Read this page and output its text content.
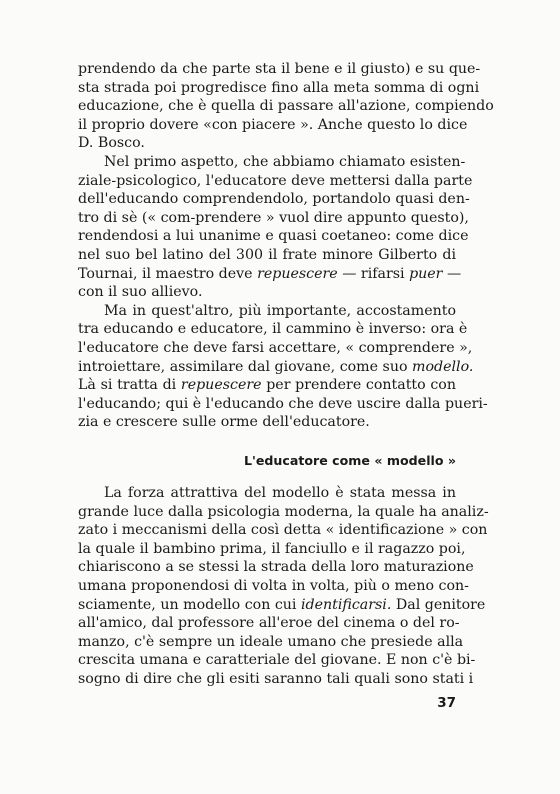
prendendo da che parte sta il bene e il giusto) e su que-
sta strada poi progredisce fino alla meta somma di ogni
educazione, che è quella di passare all'azione, compiendo
il proprio dovere «con piacere ». Anche questo lo dice
D. Bosco.
Nel primo aspetto, che abbiamo chiamato esisten-
ziale-psicologico, l'educatore deve mettersi dalla parte
dell'educando comprendendolo, portandolo quasi den-
tro di sè (« com-prendere » vuol dire appunto questo),
rendendosi a lui unanime e quasi coetaneo: come dice
nel suo bel latino del 300 il frate minore Gilberto di
Tournai, il maestro deve repuescere — rifarsi puer —
con il suo allievo.
Ma in quest'altro, più importante, accostamento
tra educando e educatore, il cammino è inverso: ora è
l'educatore che deve farsi accettare, « comprendere »,
introiettare, assimilare dal giovane, come suo modello.
Là si tratta di repuescere per prendere contatto con
l'educando; qui è l'educando che deve uscire dalla pueri-
zia e crescere sulle orme dell'educatore.
L'educatore come « modello »
La forza attrattiva del modello è stata messa in
grande luce dalla psicologia moderna, la quale ha analiz-
zato i meccanismi della così detta « identificazione » con
la quale il bambino prima, il fanciullo e il ragazzo poi,
chiariscono a se stessi la strada della loro maturazione
umana proponendosi di volta in volta, più o meno con-
sciamente, un modello con cui identificarsi. Dal genitore
all'amico, dal professore all'eroe del cinema o del ro-
manzo, c'è sempre un ideale umano che presiede alla
crescita umana e caratteriale del giovane. E non c'è bi-
sogno di dire che gli esiti saranno tali quali sono stati i
37
